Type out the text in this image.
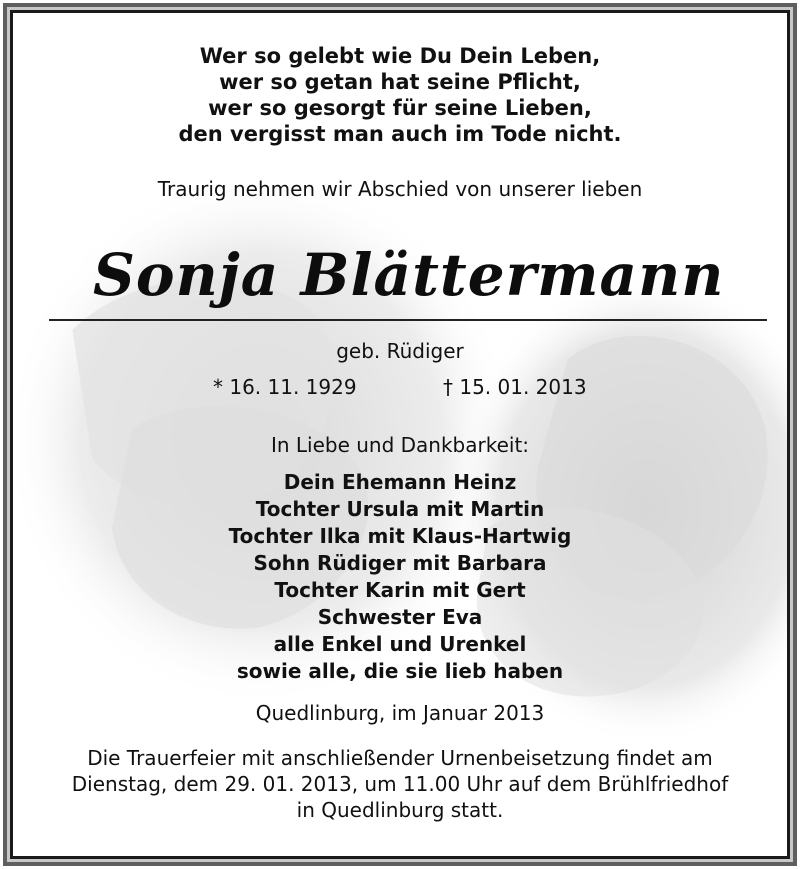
Wer so gelebt wie Du Dein Leben,
wer so getan hat seine Pflicht,
wer so gesorgt für seine Lieben,
den vergisst man auch im Tode nicht.
Traurig nehmen wir Abschied von unserer lieben
Sonja Blättermann
geb. Rüdiger
* 16. 11. 1929	† 15. 01. 2013
In Liebe und Dankbarkeit:
Dein Ehemann Heinz
Tochter Ursula mit Martin
Tochter Ilka mit Klaus-Hartwig
Sohn Rüdiger mit Barbara
Tochter Karin mit Gert
Schwester Eva
alle Enkel und Urenkel
sowie alle, die sie lieb haben
Quedlinburg, im Januar 2013
Die Trauerfeier mit anschließender Urnenbeisetzung findet am
Dienstag, dem 29. 01. 2013, um 11.00 Uhr auf dem Brühlfriedhof
in Quedlinburg statt.
